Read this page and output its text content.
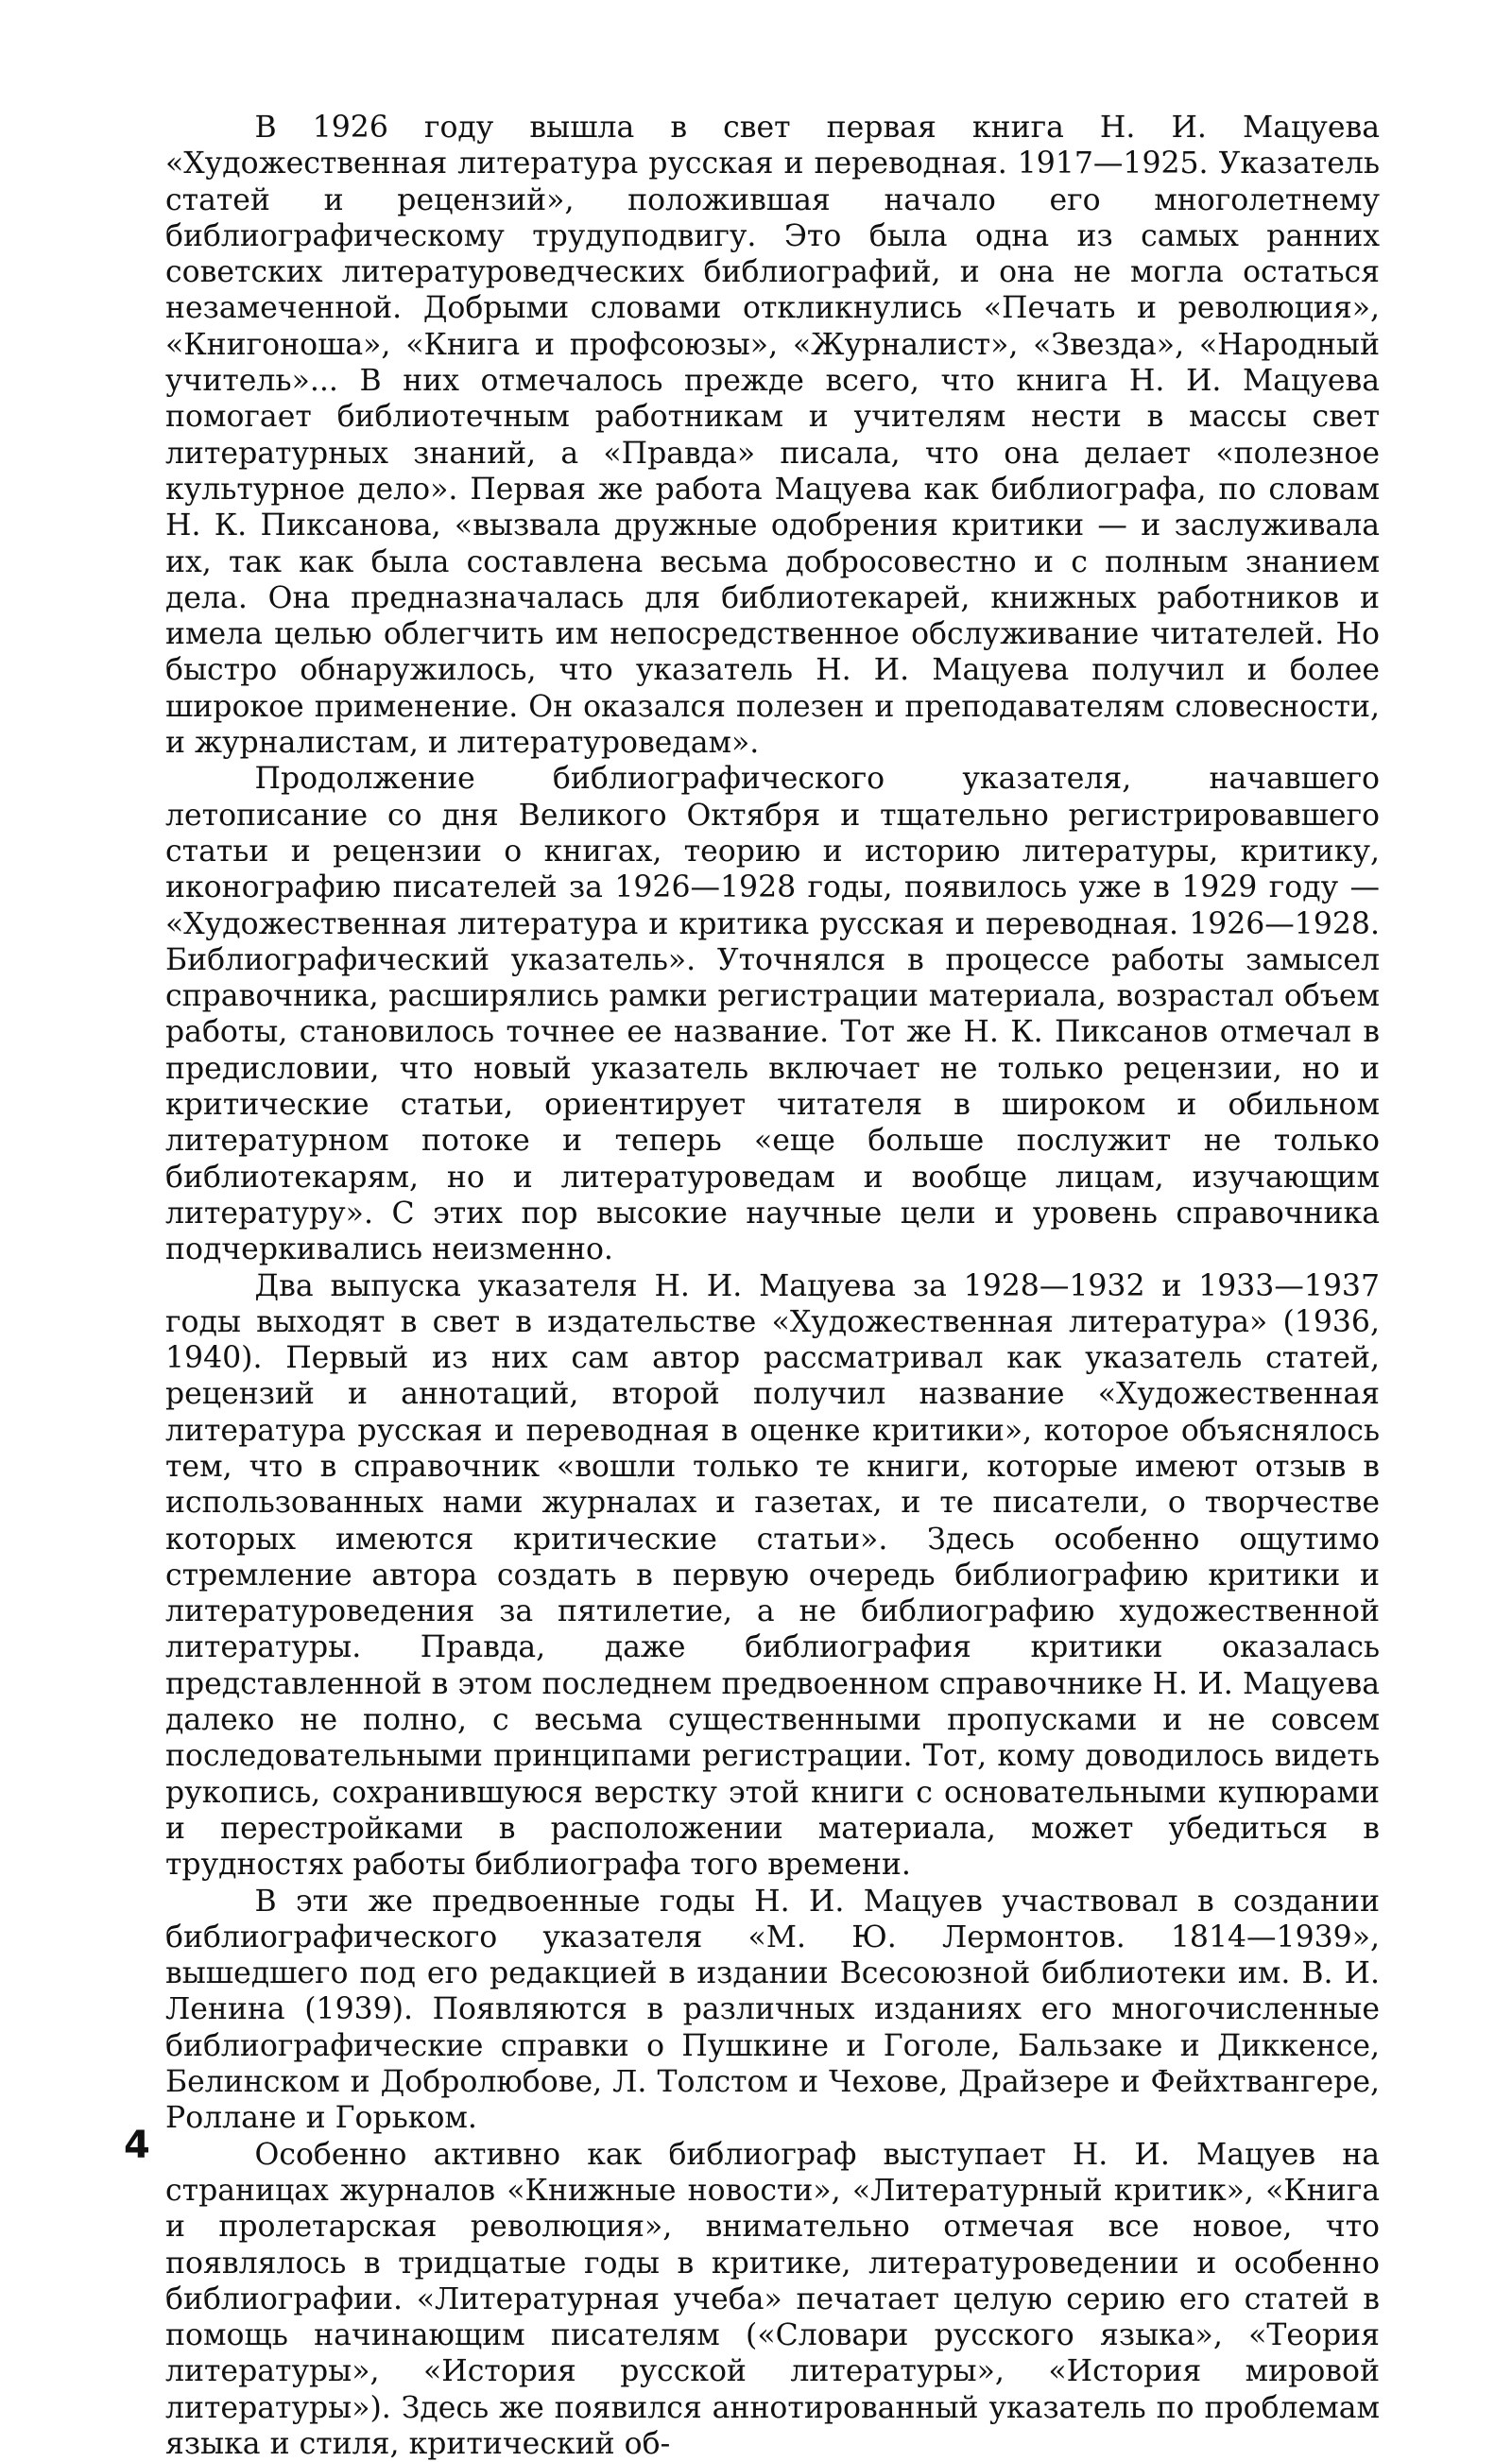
В 1926 году вышла в свет первая книга Н. И. Мацуева «Художественная литература русская и переводная. 1917—1925. Указатель статей и рецензий», положившая начало его многолетнему библиографическому трудуподвигу. Это была одна из самых ранних советских литературоведческих библиографий, и она не могла остаться незамеченной. Добрыми словами откликнулись «Печать и революция», «Книгоноша», «Книга и профсоюзы», «Журналист», «Звезда», «Народный учитель»... В них отмечалось прежде всего, что книга Н. И. Мацуева помогает библиотечным работникам и учителям нести в массы свет литературных знаний, а «Правда» писала, что она делает «полезное культурное дело». Первая же работа Мацуева как библиографа, по словам Н. К. Пиксанова, «вызвала дружные одобрения критики — и заслуживала их, так как была составлена весьма добросовестно и с полным знанием дела. Она предназначалась для библиотекарей, книжных работников и имела целью облегчить им непосредственное обслуживание читателей. Но быстро обнаружилось, что указатель Н. И. Мацуева получил и более широкое применение. Он оказался полезен и преподавателям словесности, и журналистам, и литературоведам».

Продолжение библиографического указателя, начавшего летописание со дня Великого Октября и тщательно регистрировавшего статьи и рецензии о книгах, теорию и историю литературы, критику, иконографию писателей за 1926—1928 годы, появилось уже в 1929 году — «Художественная литература и критика русская и переводная. 1926—1928. Библиографический указатель». Уточнялся в процессе работы замысел справочника, расширялись рамки регистрации материала, возрастал объем работы, становилось точнее ее название. Тот же Н. К. Пиксанов отмечал в предисловии, что новый указатель включает не только рецензии, но и критические статьи, ориентирует читателя в широком и обильном литературном потоке и теперь «еще больше послужит не только библиотекарям, но и литературоведам и вообще лицам, изучающим литературу». С этих пор высокие научные цели и уровень справочника подчеркивались неизменно.

Два выпуска указателя Н. И. Мацуева за 1928—1932 и 1933—1937 годы выходят в свет в издательстве «Художественная литература» (1936, 1940). Первый из них сам автор рассматривал как указатель статей, рецензий и аннотаций, второй получил название «Художественная литература русская и переводная в оценке критики», которое объяснялось тем, что в справочник «вошли только те книги, которые имеют отзыв в использованных нами журналах и газетах, и те писатели, о творчестве которых имеются критические статьи». Здесь особенно ощутимо стремление автора создать в первую очередь библиографию критики и литературоведения за пятилетие, а не библиографию художественной литературы. Правда, даже библиография критики оказалась представленной в этом последнем предвоенном справочнике Н. И. Мацуева далеко не полно, с весьма существенными пропусками и не совсем последовательными принципами регистрации. Тот, кому доводилось видеть рукопись, сохранившуюся верстку этой книги с основательными купюрами и перестройками в расположении материала, может убедиться в трудностях работы библиографа того времени.

В эти же предвоенные годы Н. И. Мацуев участвовал в создании библиографического указателя «М. Ю. Лермонтов. 1814—1939», вышедшего под его редакцией в издании Всесоюзной библиотеки им. В. И. Ленина (1939). Появляются в различных изданиях его многочисленные библиографические справки о Пушкине и Гоголе, Бальзаке и Диккенсе, Белинском и Добролюбове, Л. Толстом и Чехове, Драйзере и Фейхтвангере, Роллане и Горьком.

Особенно активно как библиограф выступает Н. И. Мацуев на страницах журналов «Книжные новости», «Литературный критик», «Книга и пролетарская революция», внимательно отмечая все новое, что появлялось в тридцатые годы в критике, литературоведении и особенно библиографии. «Литературная учеба» печатает целую серию его статей в помощь начинающим писателям («Словари русского языка», «Теория литературы», «История русской литературы», «История мировой литературы»). Здесь же появился аннотированный указатель по проблемам языка и стиля, критический об-

4
